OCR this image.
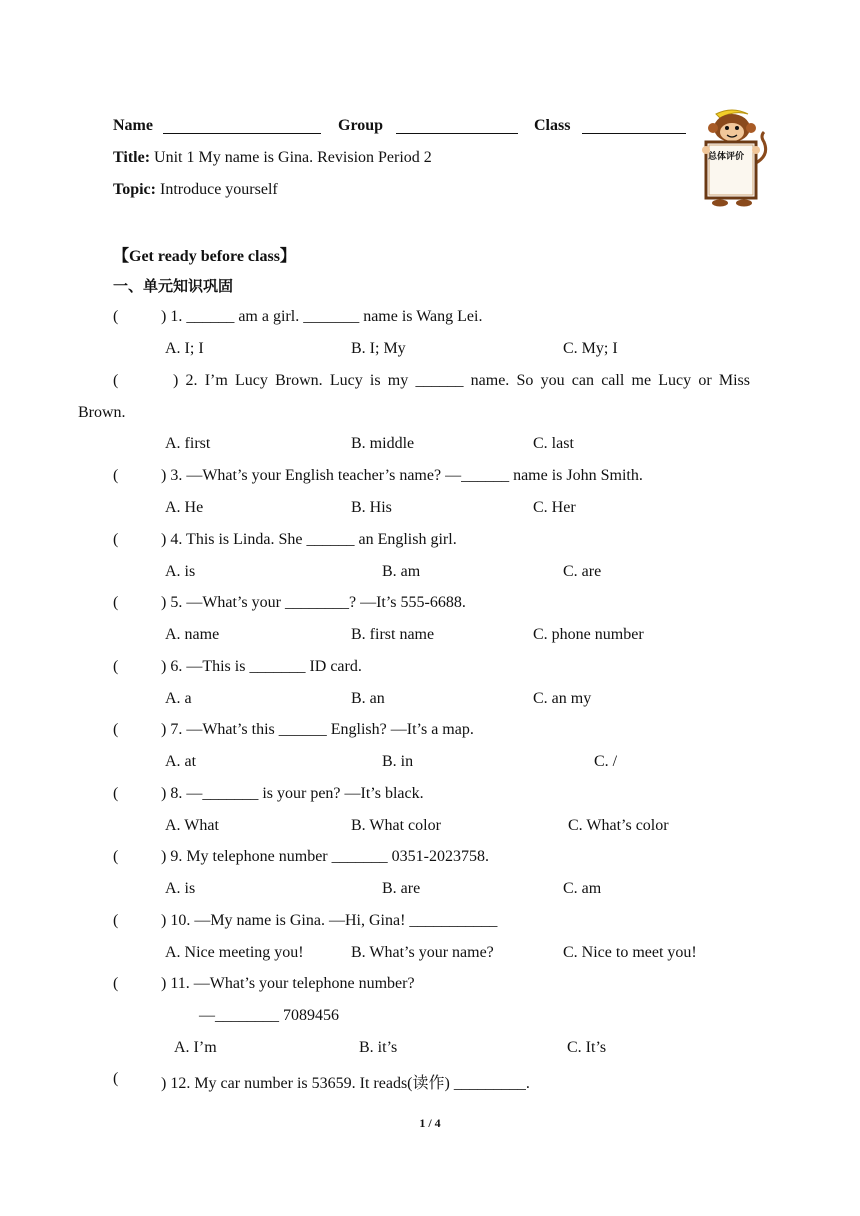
Name	Group	Class
Title: Unit 1 My name is Gina. Revision Period 2
Topic: Introduce yourself
总体评价
【Get ready before class】
一、单元知识巩固
(	) 1. ______ am a girl. _______ name is Wang Lei.
A. I; I	B. I; My	C. My; I
(	) 2. I’m Lucy Brown. Lucy is my ______ name. So you can call me Lucy or Miss
Brown.
A. first	B. middle	C. last
(	) 3. —What’s your English teacher’s name? —______ name is John Smith.
A. He	B. His	C. Her
(	) 4. This is Linda. She ______ an English girl.
A. is	B. am	C. are
(	) 5. —What’s your ________? —It’s 555-6688.
A. name	B. first name	C. phone number
(	) 6. —This is _______ ID card.
A. a	B. an	C. an my
(	) 7. —What’s this ______ English? —It’s a map.
A. at	B. in	C. /
(	) 8. —_______ is your pen? —It’s black.
A. What	B. What color	C. What’s color
(	) 9. My telephone number _______ 0351-2023758.
A. is	B. are	C. am
(	) 10. —My name is Gina. —Hi, Gina! ___________
A. Nice meeting you!	B. What’s your name?	C. Nice to meet you!
(	) 11. —What’s your telephone number?
—________ 7089456
A. I’m	B. it’s	C. It’s
(	) 12. My car number is 53659. It reads(读作) _________.
1 / 4
